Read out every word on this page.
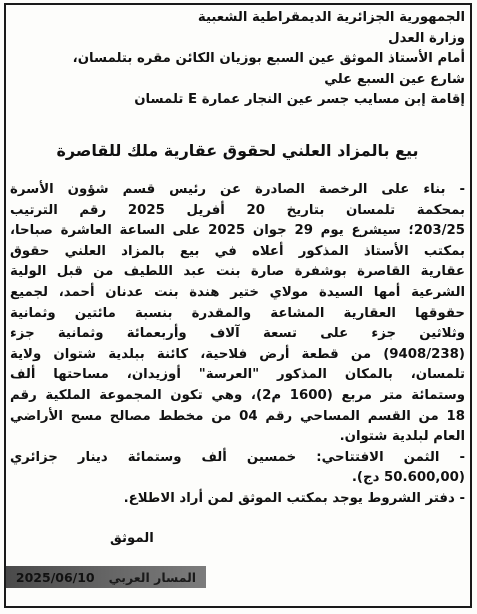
الجمهورية الجزائرية الديمقراطية الشعبية
وزارة العدل
أمام الأستاذ الموثق عين السبع بوزيان الكائن مقره بتلمسان،
شارع عين السبع علي
إقامة إبن مسايب جسر عين النجار عمارة E تلمسان
بيع بالمزاد العلني لحقوق عقارية ملك للقاصرة
- بناء على الرخصة الصادرة عن رئيس قسم شؤون الأسرة
بمحكمة تلمسان بتاريخ 20 أفريل 2025 رقم الترتيب
203/25؛ سيشرع يوم 29 جوان 2025 على الساعة العاشرة صباحا،
بمكتب الأستاذ المذكور أعلاه في بيع بالمزاد العلني حقوق
عقارية القاصرة بوشفرة صارة بنت عبد اللطيف من قبل الولية
الشرعية أمها السيدة مولاي ختير هندة بنت عدنان أحمد، لجميع
حقوقها العقارية المشاعة والمقدرة بنسبة مائتين وثمانية
وثلاثين جزء على تسعة آلاف وأربعمائة وثمانية جزء
(9408/238) من قطعة أرض فلاحية، كائنة ببلدية شتوان ولاية
تلمسان، بالمكان المذكور "العرسة" أوزيدان، مساحتها ألف
وستمائة متر مربع (1600 م2)، وهي تكون المجموعة الملكية رقم
18 من القسم المساحي رقم 04 من مخطط مصالح مسح الأراضي
العام لبلدية شتوان.
- الثمن الافتتاحي: خمسين ألف وستمائة دينار جزائري
(50.600,00 دج).
- دفتر الشروط يوجد بمكتب الموثق لمن أراد الاطلاع.
الموثق
المسار العربي
2025/06/10
